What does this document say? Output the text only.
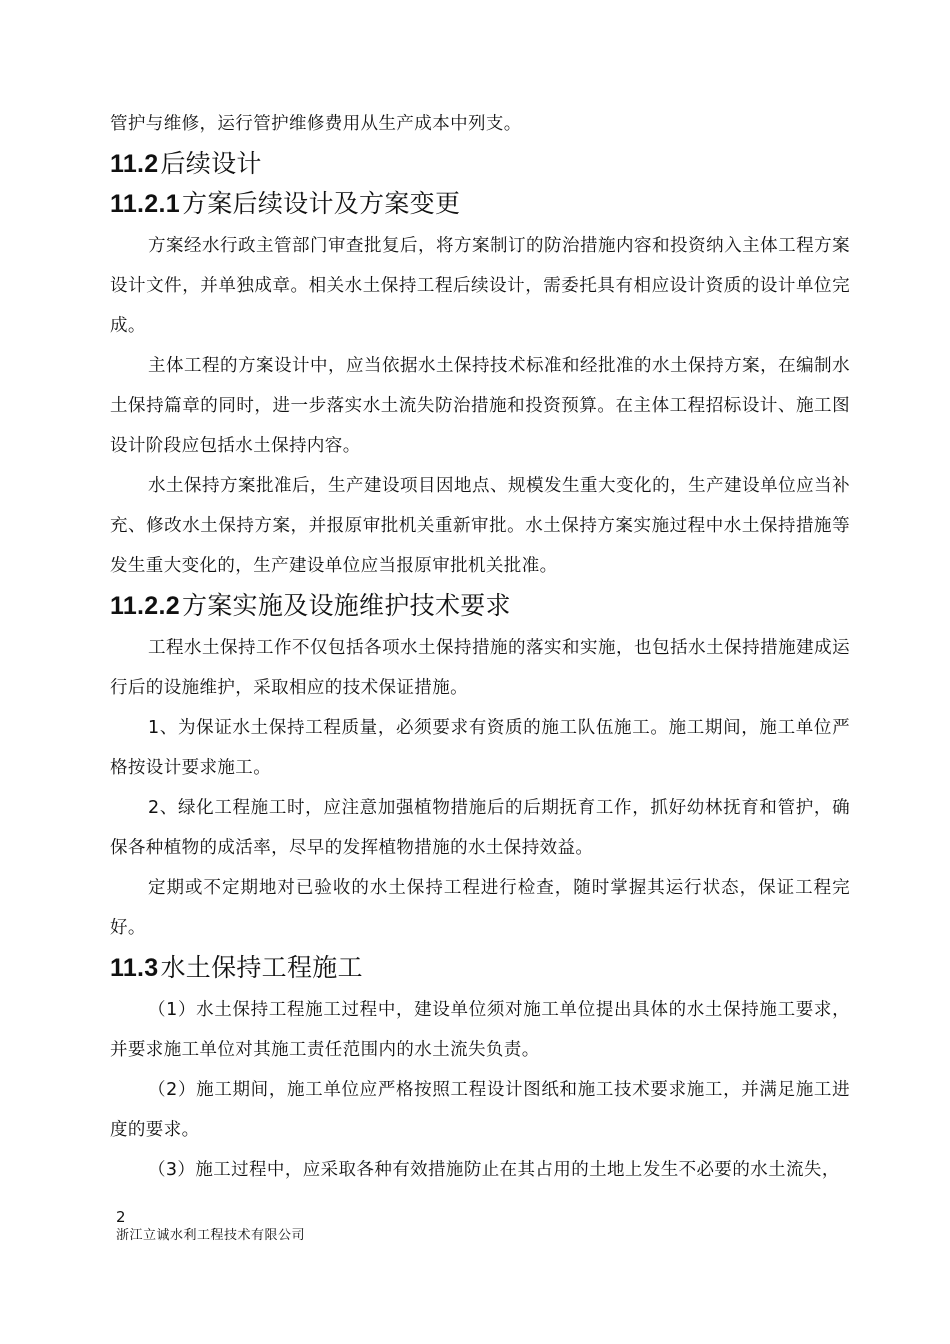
管护与维修，运行管护维修费用从生产成本中列支。

11.2后续设计
11.2.1方案后续设计及方案变更

方案经水行政主管部门审查批复后，将方案制订的防治措施内容和投资纳入主体工程方案设计文件，并单独成章。相关水土保持工程后续设计，需委托具有相应设计资质的设计单位完成。

主体工程的方案设计中，应当依据水土保持技术标准和经批准的水土保持方案，在编制水土保持篇章的同时，进一步落实水土流失防治措施和投资预算。在主体工程招标设计、施工图设计阶段应包括水土保持内容。

水土保持方案批准后，生产建设项目因地点、规模发生重大变化的，生产建设单位应当补充、修改水土保持方案，并报原审批机关重新审批。水土保持方案实施过程中水土保持措施等发生重大变化的，生产建设单位应当报原审批机关批准。

11.2.2方案实施及设施维护技术要求

工程水土保持工作不仅包括各项水土保持措施的落实和实施，也包括水土保持措施建成运行后的设施维护，采取相应的技术保证措施。

1、为保证水土保持工程质量，必须要求有资质的施工队伍施工。施工期间，施工单位严格按设计要求施工。

2、绿化工程施工时，应注意加强植物措施后的后期抚育工作，抓好幼林抚育和管护，确保各种植物的成活率，尽早的发挥植物措施的水土保持效益。

定期或不定期地对已验收的水土保持工程进行检查，随时掌握其运行状态，保证工程完好。

11.3水土保持工程施工

（1）水土保持工程施工过程中，建设单位须对施工单位提出具体的水土保持施工要求，并要求施工单位对其施工责任范围内的水土流失负责。

（2）施工期间，施工单位应严格按照工程设计图纸和施工技术要求施工，并满足施工进度的要求。

（3）施工过程中，应采取各种有效措施防止在其占用的土地上发生不必要的水土流失，

2
浙江立诚水利工程技术有限公司
